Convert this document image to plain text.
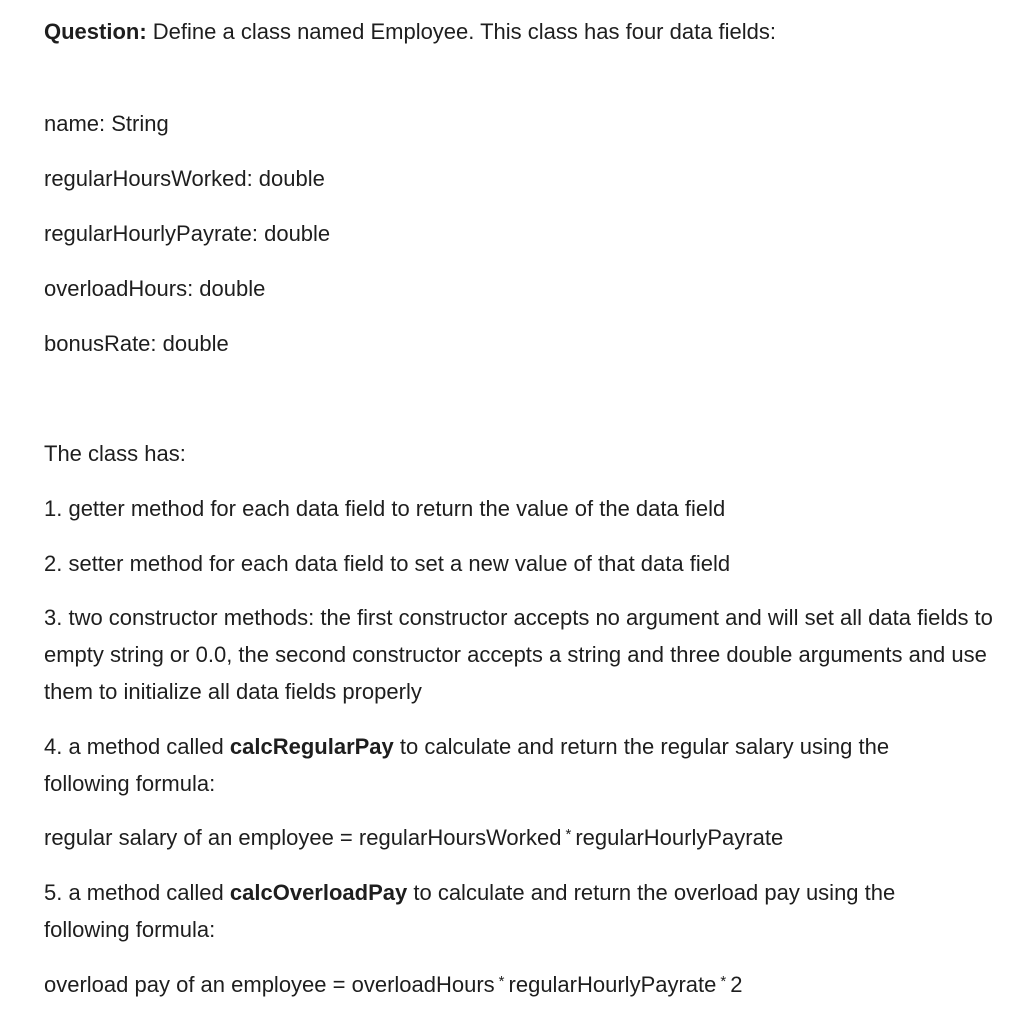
Question: Define a class named Employee. This class has four data fields:
name: String
regularHoursWorked: double
regularHourlyPayrate: double
overloadHours: double
bonusRate: double
The class has:
1. getter method for each data field to return the value of the data field
2. setter method for each data field to set a new value of that data field
3. two constructor methods: the first constructor accepts no argument and will set all data fields to empty string or 0.0, the second constructor accepts a string and three double arguments and use them to initialize all data fields properly
4. a method called calcRegularPay to calculate and return the regular salary using the following formula:
regular salary of an employee = regularHoursWorked * regularHourlyPayrate
5. a method called calcOverloadPay to calculate and return the overload pay using the following formula:
overload pay of an employee = overloadHours * regularHourlyPayrate * 2
